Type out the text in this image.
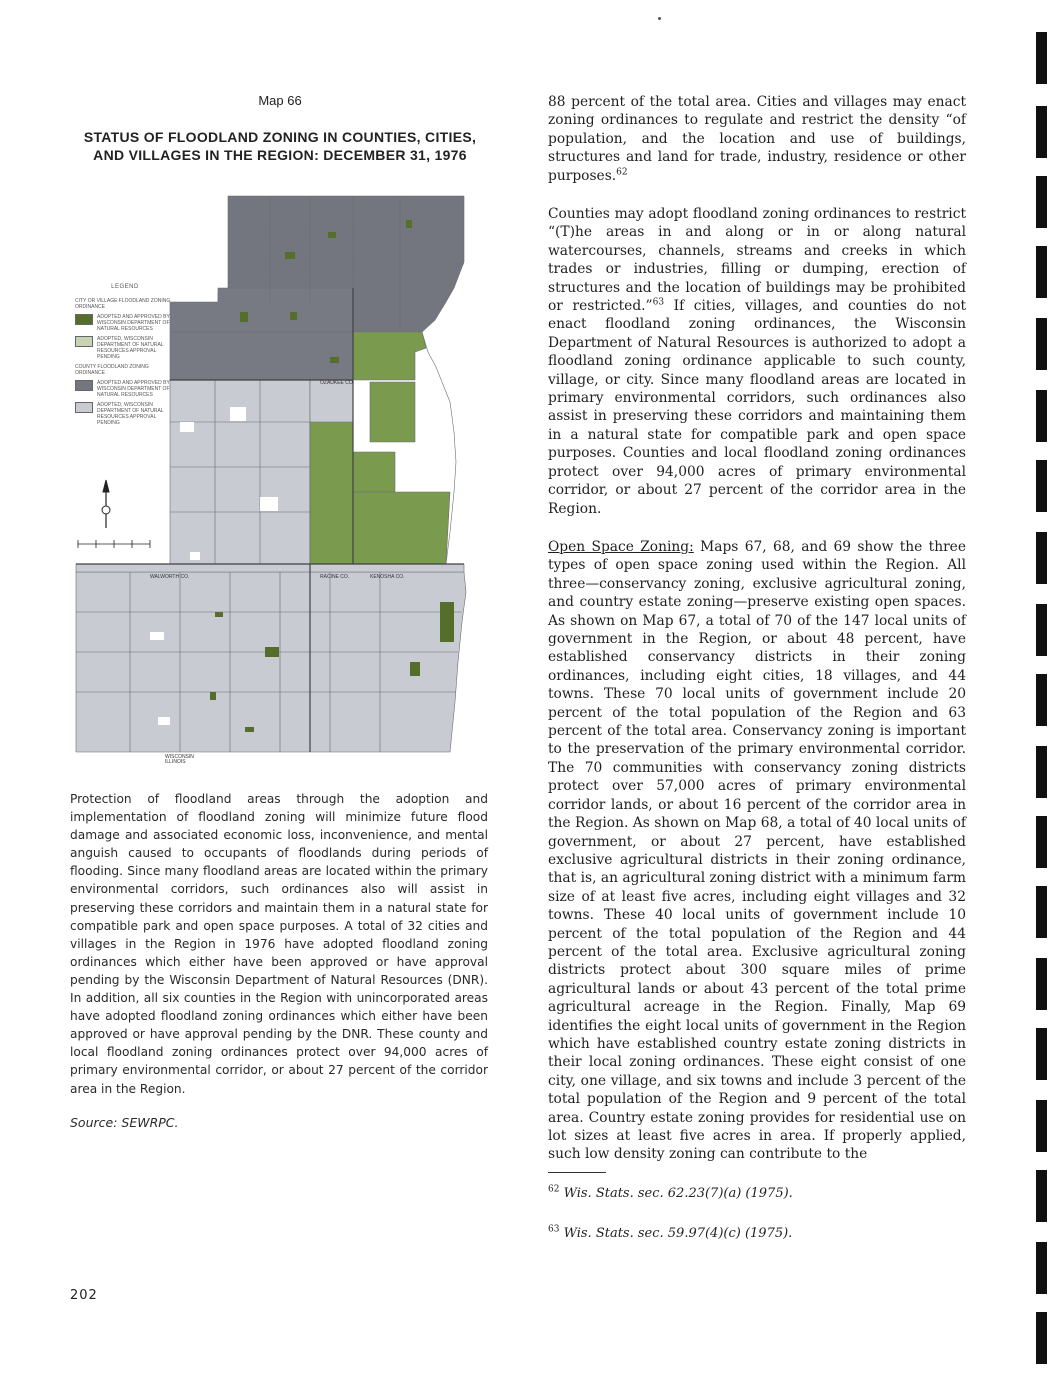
Map 66
STATUS OF FLOODLAND ZONING IN COUNTIES, CITIES, AND VILLAGES IN THE REGION: DECEMBER 31, 1976
OZAUKEE CO.
WALWORTH CO.	RACINE CO.	KENOSHA CO.
WISCONSIN
ILLINOIS
LEGEND
CITY OR VILLAGE FLOODLAND ZONING ORDINANCE
ADOPTED AND APPROVED BY WISCONSIN DEPARTMENT OF NATURAL RESOURCES
ADOPTED, WISCONSIN DEPARTMENT OF NATURAL RESOURCES APPROVAL PENDING
COUNTY FLOODLAND ZONING ORDINANCE
ADOPTED AND APPROVED BY WISCONSIN DEPARTMENT OF NATURAL RESOURCES
ADOPTED, WISCONSIN DEPARTMENT OF NATURAL RESOURCES APPROVAL PENDING
Protection of floodland areas through the adoption and implementation of floodland zoning will minimize future flood damage and associated economic loss, inconvenience, and mental anguish caused to occupants of floodlands during periods of flooding. Since many floodland areas are located within the primary environmental corridors, such ordinances also will assist in preserving these corridors and maintain them in a natural state for compatible park and open space purposes. A total of 32 cities and villages in the Region in 1976 have adopted floodland zoning ordinances which either have been approved or have approval pending by the Wisconsin Department of Natural Resources (DNR). In addition, all six counties in the Region with unincorporated areas have adopted floodland zoning ordinances which either have been approved or have approval pending by the DNR. These county and local floodland zoning ordinances protect over 94,000 acres of primary environmental corridor, or about 27 percent of the corridor area in the Region.
Source: SEWRPC.
202

88 percent of the total area. Cities and villages may enact zoning ordinances to regulate and restrict the density “of population, and the location and use of buildings, structures and land for trade, industry, residence or other purposes.$^{62}$

Counties may adopt floodland zoning ordinances to restrict “(T)he areas in and along or in or along natural watercourses, channels, streams and creeks in which trades or industries, filling or dumping, erection of structures and the location of buildings may be prohibited or restricted.”$^{63}$ If cities, villages, and counties do not enact floodland zoning ordinances, the Wisconsin Department of Natural Resources is authorized to adopt a floodland zoning ordinance applicable to such county, village, or city. Since many floodland areas are located in primary environmental corridors, such ordinances also assist in preserving these corridors and maintaining them in a natural state for compatible park and open space purposes. Counties and local floodland zoning ordinances protect over 94,000 acres of primary environmental corridor, or about 27 percent of the corridor area in the Region.

Open Space Zoning: Maps 67, 68, and 69 show the three types of open space zoning used within the Region. All three—conservancy zoning, exclusive agricultural zoning, and country estate zoning—preserve existing open spaces. As shown on Map 67, a total of 70 of the 147 local units of government in the Region, or about 48 percent, have established conservancy districts in their zoning ordinances, including eight cities, 18 villages, and 44 towns. These 70 local units of government include 20 percent of the total population of the Region and 63 percent of the total area. Conservancy zoning is important to the preservation of the primary environmental corridor. The 70 communities with conservancy zoning districts protect over 57,000 acres of primary environmental corridor lands, or about 16 percent of the corridor area in the Region. As shown on Map 68, a total of 40 local units of government, or about 27 percent, have established exclusive agricultural districts in their zoning ordinance, that is, an agricultural zoning district with a minimum farm size of at least five acres, including eight villages and 32 towns. These 40 local units of government include 10 percent of the total population of the Region and 44 percent of the total area. Exclusive agricultural zoning districts protect about 300 square miles of prime agricultural lands or about 43 percent of the total prime agricultural acreage in the Region. Finally, Map 69 identifies the eight local units of government in the Region which have established country estate zoning districts in their local zoning ordinances. These eight consist of one city, one village, and six towns and include 3 percent of the total population of the Region and 9 percent of the total area. Country estate zoning provides for residential use on lot sizes at least five acres in area. If properly applied, such low density zoning can contribute to the

$^{62}$ Wis. Stats. sec. 62.23(7)(a) (1975).
$^{63}$ Wis. Stats. sec. 59.97(4)(c) (1975).
